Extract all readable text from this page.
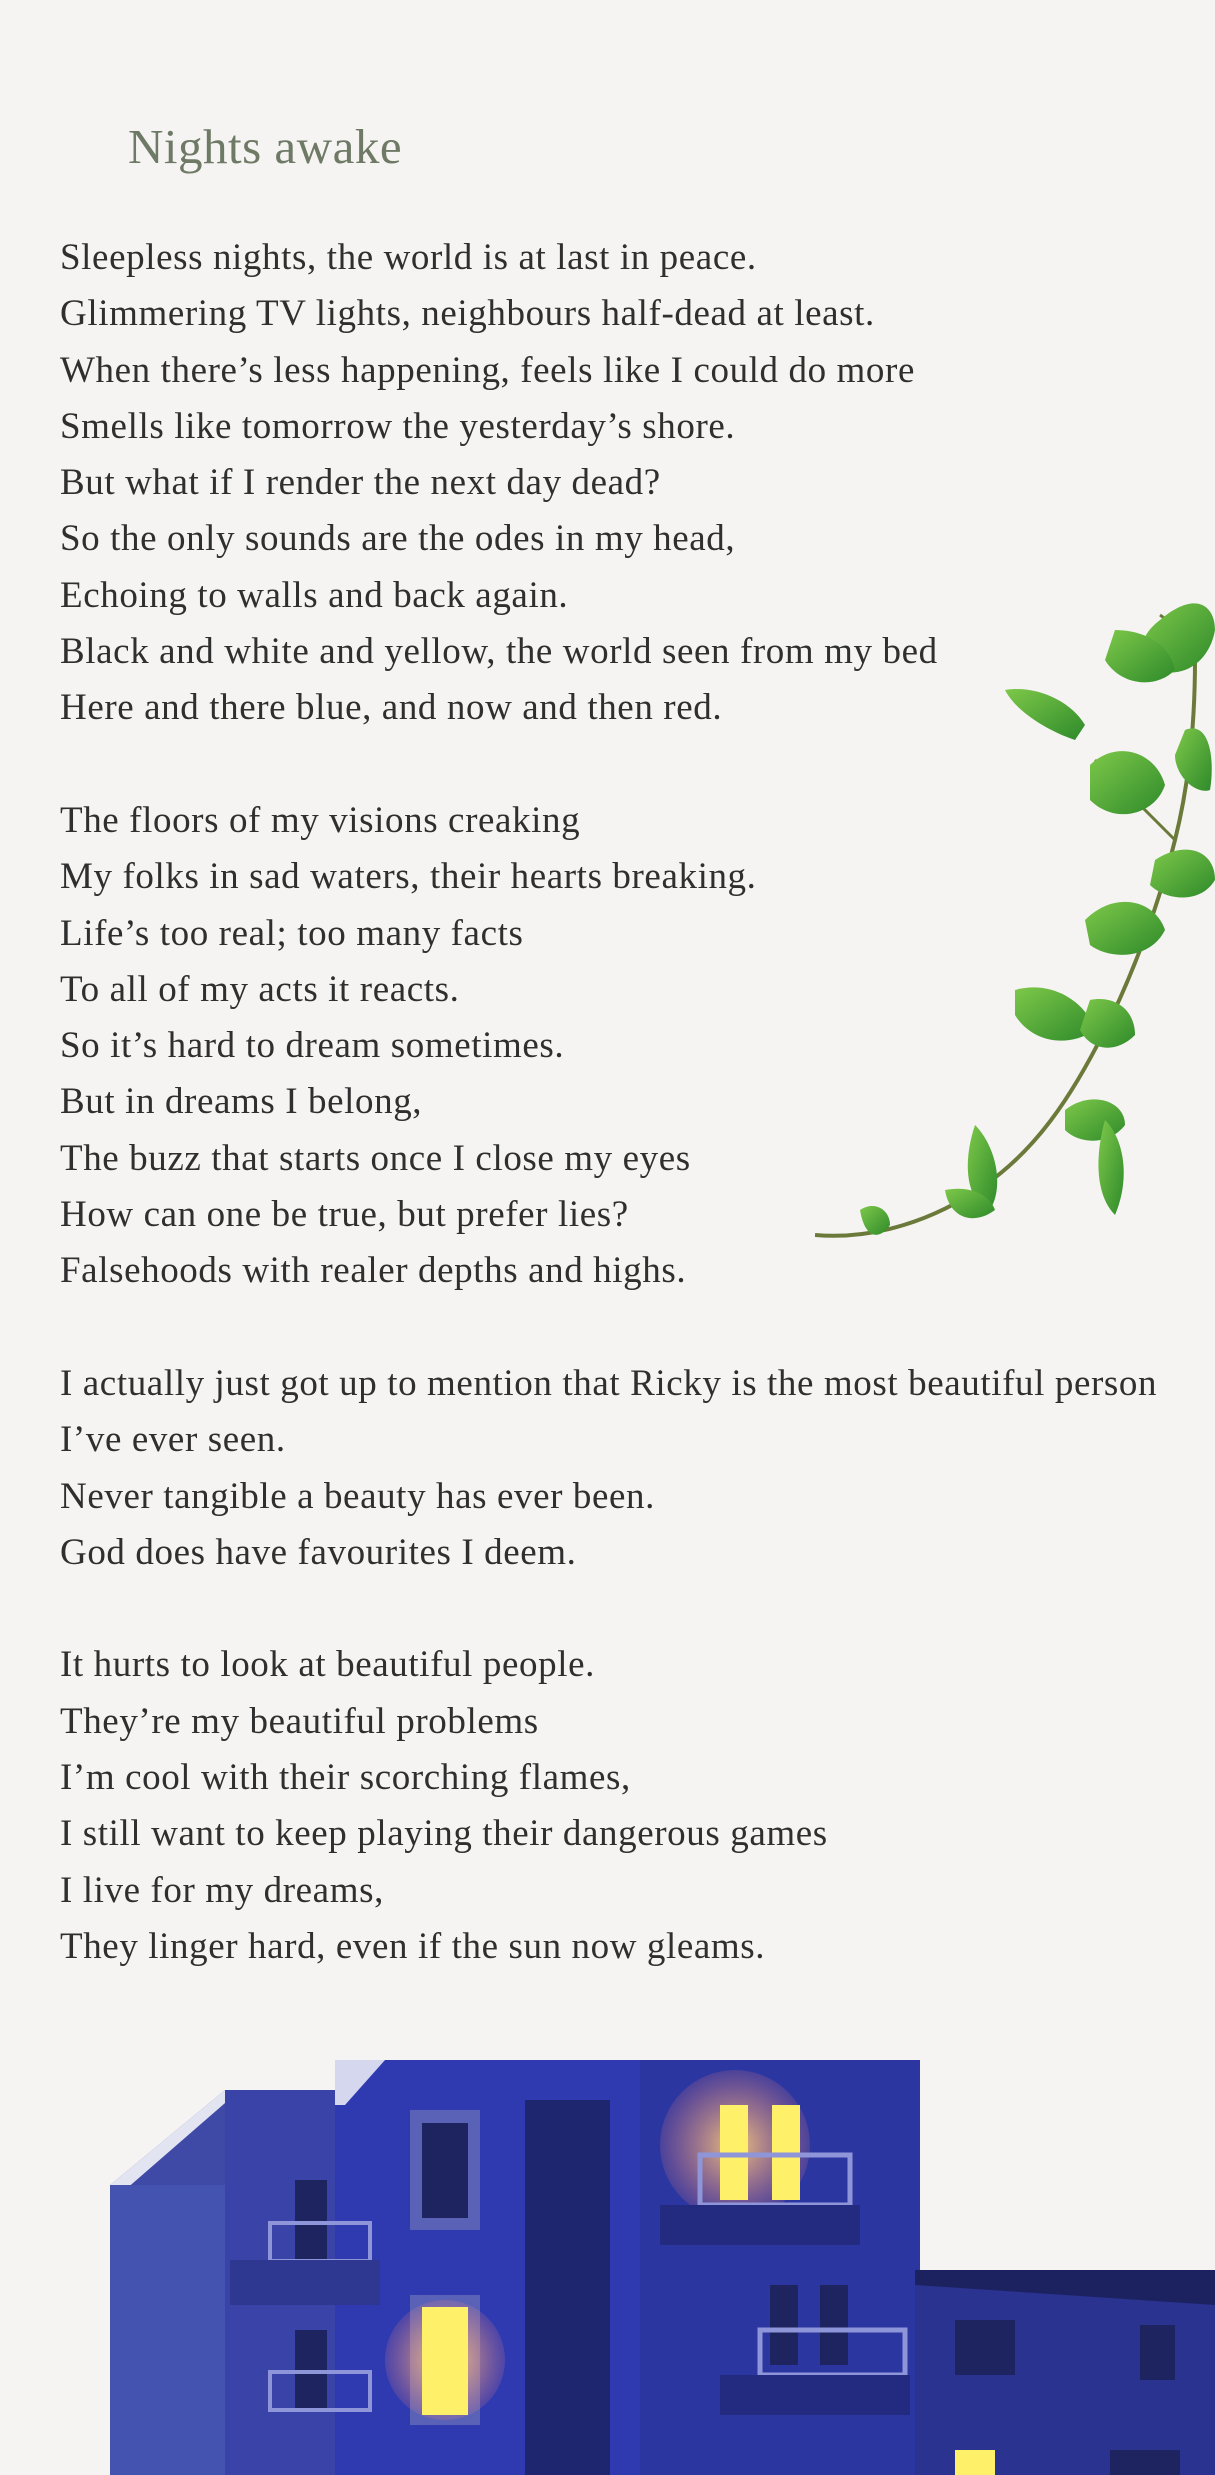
Nights awake
Sleepless nights, the world is at last in peace.
Glimmering TV lights, neighbours half-dead at least.
When there’s less happening, feels like I could do more
Smells like tomorrow the yesterday’s shore.
But what if I render the next day dead?
So the only sounds are the odes in my head,
Echoing to walls and back again.
Black and white and yellow, the world seen from my bed
Here and there blue, and now and then red.
The floors of my visions creaking
My folks in sad waters, their hearts breaking.
Life’s too real; too many facts
To all of my acts it reacts.
So it’s hard to dream sometimes.
But in dreams I belong,
The buzz that starts once I close my eyes
How can one be true, but prefer lies?
Falsehoods with realer depths and highs.
I actually just got up to mention that Ricky is the most beautiful person I’ve ever seen.
Never tangible a beauty has ever been.
God does have favourites I deem.
It hurts to look at beautiful people.
They’re my beautiful problems
I’m cool with their scorching flames,
I still want to keep playing their dangerous games
I live for my dreams,
They linger hard, even if the sun now gleams.
